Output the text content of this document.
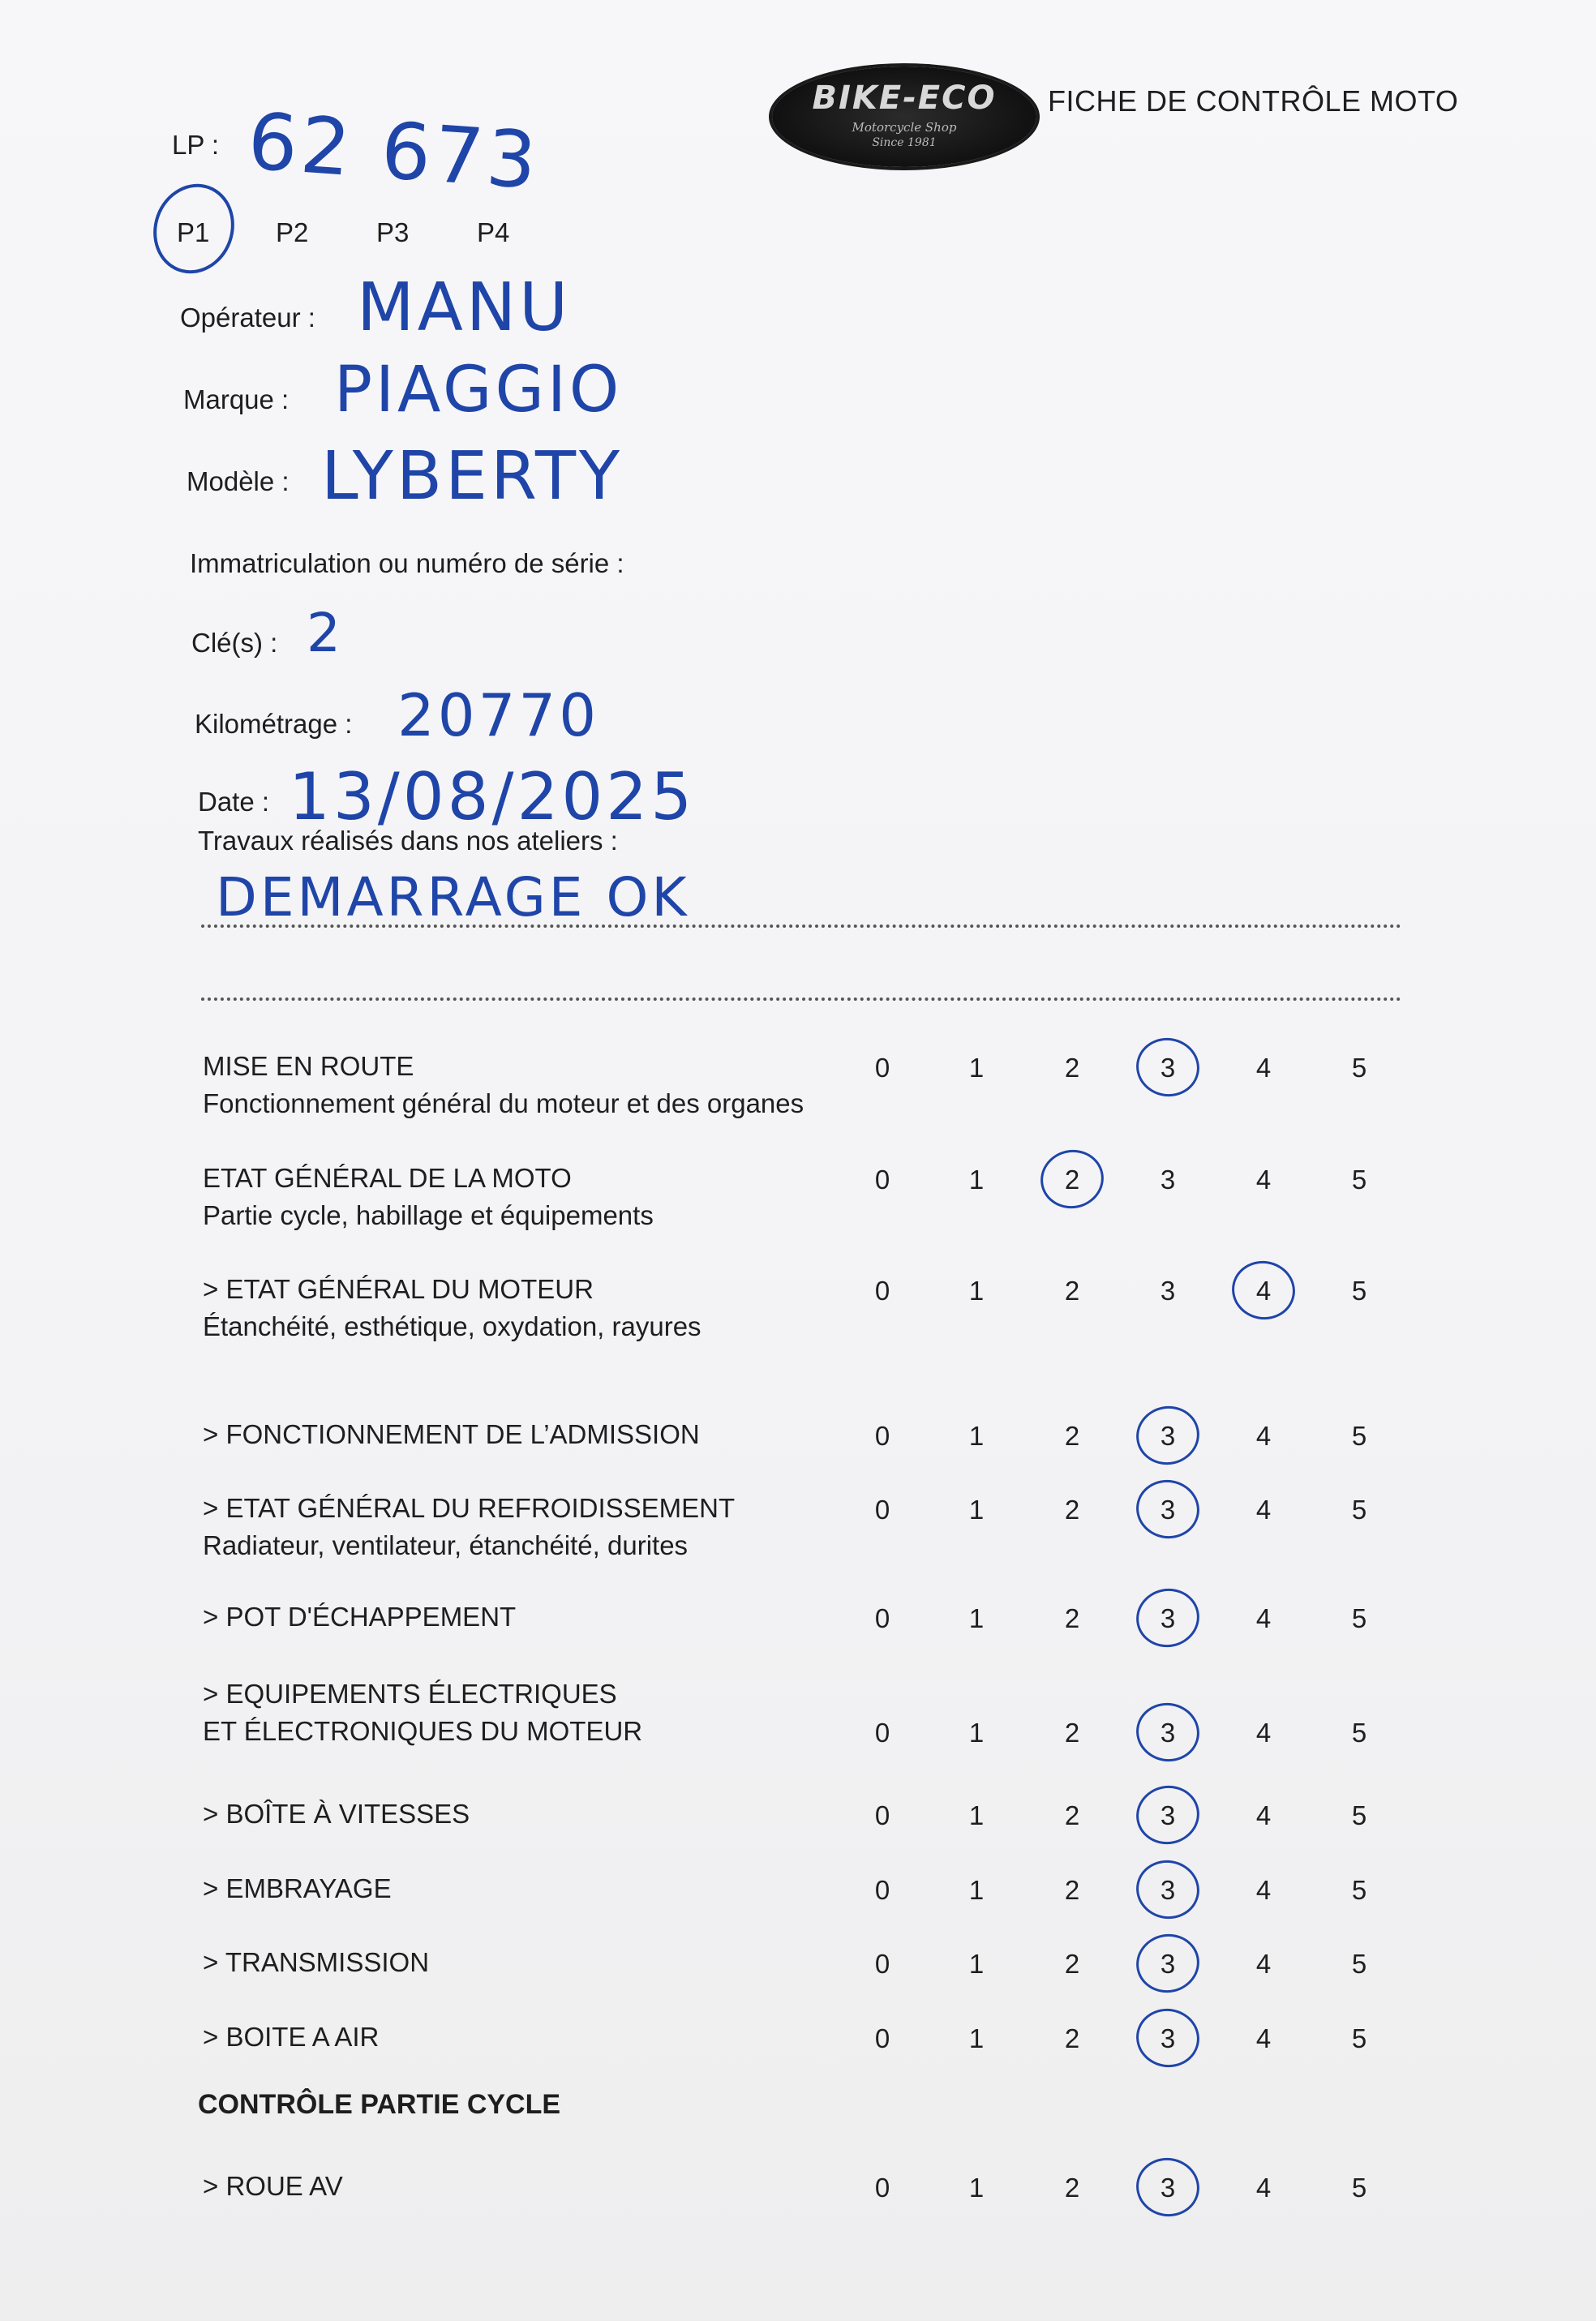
BIKE-ECO
Motorcycle Shop
Since 1981
FICHE DE CONTRÔLE MOTO
LP : 62 673
P1 P2	P3	P4
Opérateur : MANU
Marque : PIAGGIO
Modèle : LYBERTY
Immatriculation ou numéro de série :
Clé(s) : 2
Kilométrage : 20770
Date : 13/08/2025
Travaux réalisés dans nos ateliers :
DEMARRAGE OK
MISE EN ROUTE
Fonctionnement général du moteur et des organes
0	1	2	3	4	5
ETAT GÉNÉRAL DE LA MOTO
Partie cycle, habillage et équipements
0	1	2	3	4	5
> ETAT GÉNÉRAL DU MOTEUR
Étanchéité, esthétique, oxydation, rayures
0	1	2	3	4	5
> FONCTIONNEMENT DE L’ADMISSION	0	1	2	3	4	5
> ETAT GÉNÉRAL DU REFROIDISSEMENT
Radiateur, ventilateur, étanchéité, durites
0	1	2	3	4	5
> POT D'ÉCHAPPEMENT	0	1	2	3	4	5
> EQUIPEMENTS ÉLECTRIQUES
ET ÉLECTRONIQUES DU MOTEUR	0	1	2	3	4	5
> BOÎTE À VITESSES	0	1	2	3	4	5
> EMBRAYAGE	0	1	2	3	4	5
> TRANSMISSION	0	1	2	3	4	5
> BOITE A AIR	0	1	2	3	4	5
CONTRÔLE PARTIE CYCLE
> ROUE AV	0	1	2	3	4	5
